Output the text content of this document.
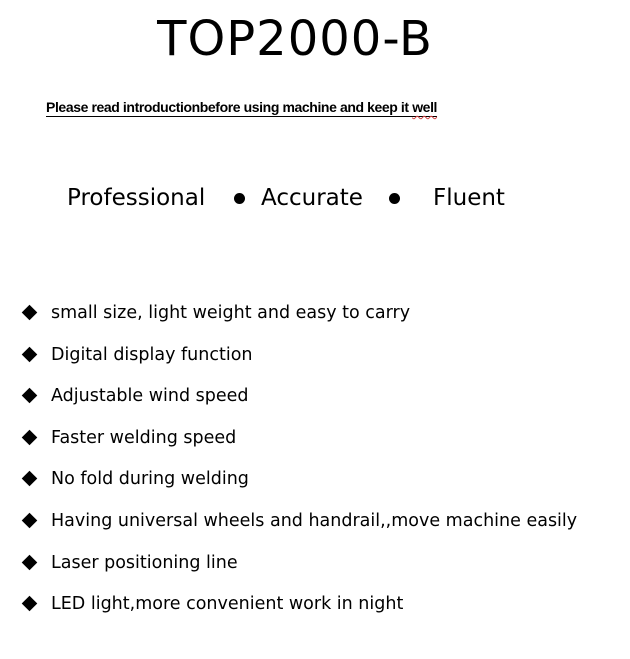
TOP2000-B
Please read introductionbefore using machine and keep it well
Professional Accurate	Fluent
small size, light weight and easy to carry
Digital display function
Adjustable wind speed
Faster welding speed
No fold during welding
Having universal wheels and handrail,,move machine easily
Laser positioning line
LED light,more convenient work in night
